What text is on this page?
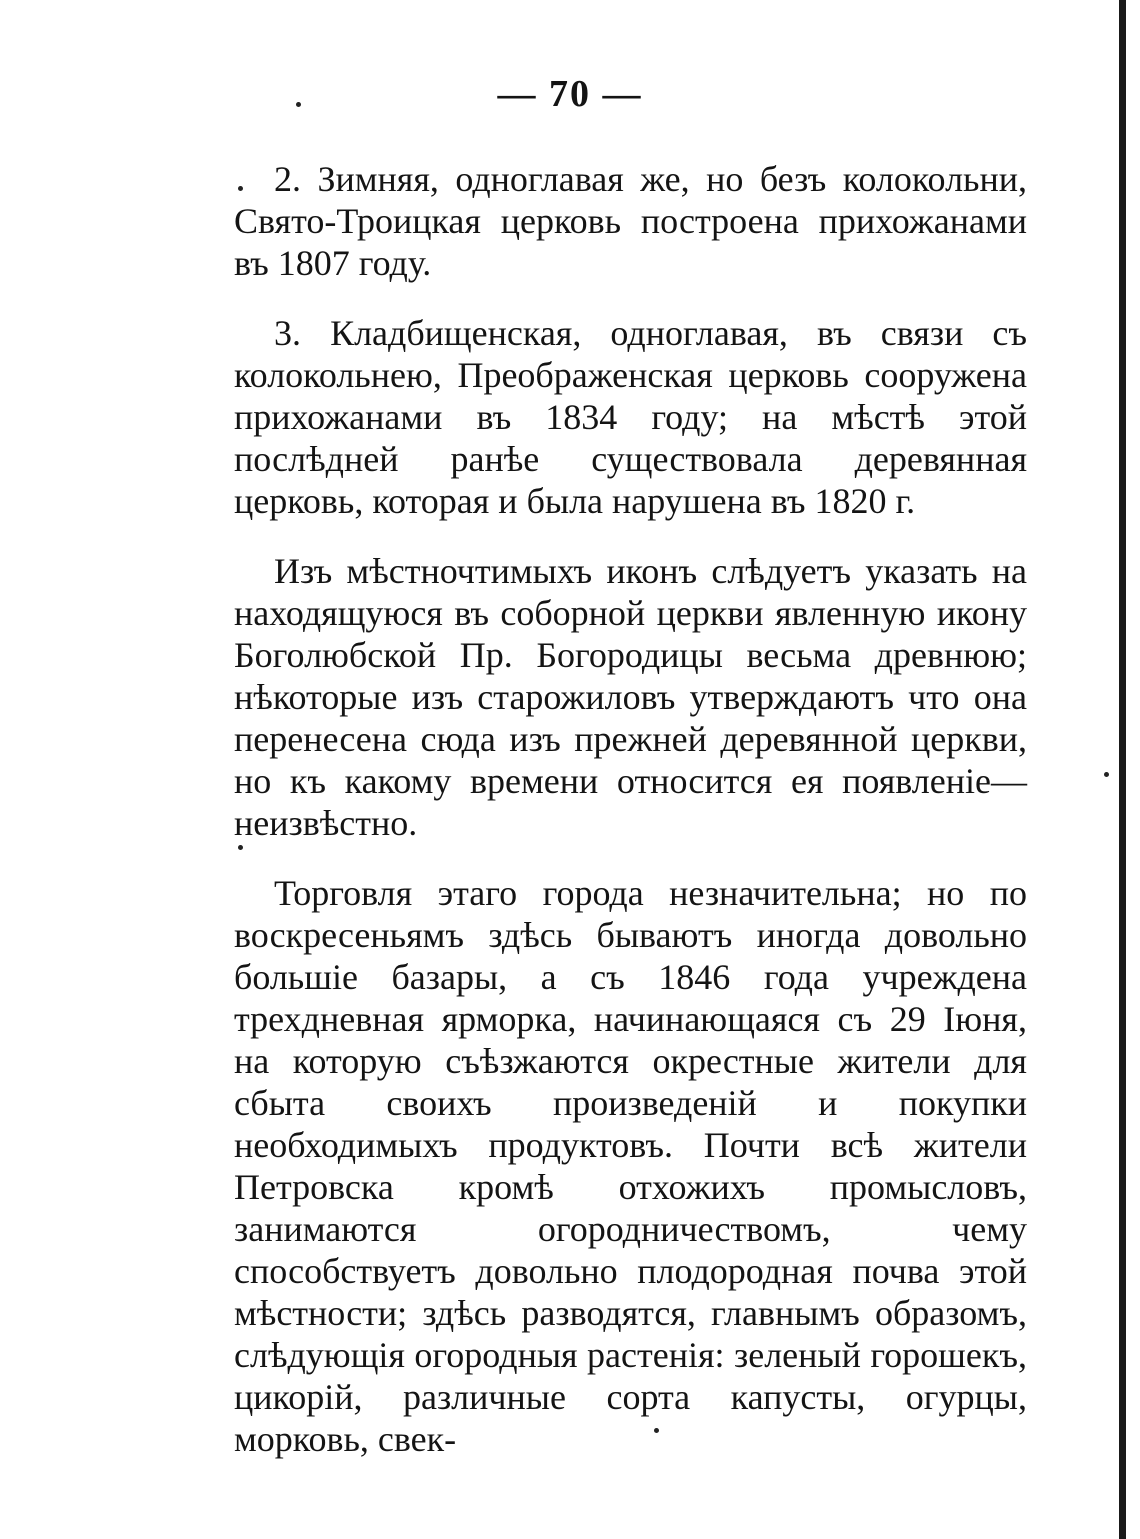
— 70 —

2. Зимняя, одноглавая же, но безъ колокольни, Свято-Троицкая церковь построена прихожанами въ 1807 году.

3. Кладбищенская, одноглавая, въ связи съ колокольнею, Преображенская церковь сооружена прихожанами въ 1834 году; на мѣстѣ этой послѣдней ранѣе существовала деревянная церковь, которая и была нарушена въ 1820 г.

Изъ мѣстночтимыхъ иконъ слѣдуетъ указать на находящуюся въ соборной церкви явленную икону Боголюбской Пр. Богородицы весьма древнюю; нѣкоторые изъ старожиловъ утверждаютъ что она перенесена сюда изъ прежней деревянной церкви, но къ какому времени относится ея появленіе—неизвѣстно.

Торговля этаго города незначительна; но по воскресеньямъ здѣсь бываютъ иногда довольно большіе базары, а съ 1846 года учреждена трехдневная ярморка, начинающаяся съ 29 Іюня, на которую съѣзжаются окрестные жители для сбыта своихъ произведеній и покупки необходимыхъ продуктовъ. Почти всѣ жители Петровска кромѣ отхожихъ промысловъ, занимаются огородничествомъ, чему способствуетъ довольно плодородная почва этой мѣстности; здѣсь разводятся, главнымъ образомъ, слѣдующія огородныя растенія: зеленый горошекъ, цикорій, различные сорта капусты, огурцы, морковь, свек-
